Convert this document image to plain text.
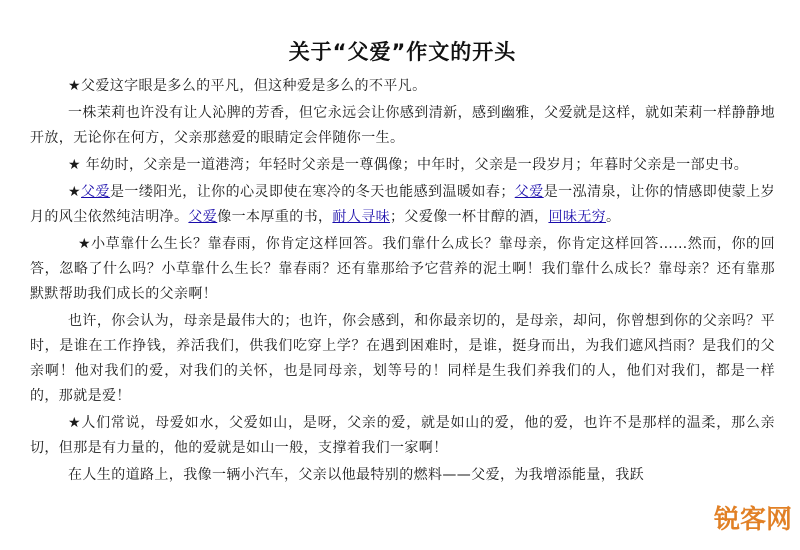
关于“父爱”作文的开头

★父爱这字眼是多么的平凡，但这种爱是多么的不平凡。

一株茉莉也许没有让人沁脾的芳香，但它永远会让你感到清新，感到幽雅，父爱就是这样，就如茉莉一样静静地开放，无论你在何方，父亲那慈爱的眼睛定会伴随你一生。

★ 年幼时，父亲是一道港湾；年轻时父亲是一尊偶像；中年时，父亲是一段岁月；年暮时父亲是一部史书。

★父爱是一缕阳光，让你的心灵即使在寒冷的冬天也能感到温暖如春；父爱是一泓清泉，让你的情感即使蒙上岁月的风尘依然纯洁明净。父爱像一本厚重的书，耐人寻味；父爱像一杯甘醇的酒，回味无穷。

★小草靠什么生长？靠春雨，你肯定这样回答。我们靠什么成长？靠母亲，你肯定这样回答……然而，你的回答，忽略了什么吗？小草靠什么生长？靠春雨？还有靠那给予它营养的泥土啊！我们靠什么成长？靠母亲？还有靠那默默帮助我们成长的父亲啊！

也许，你会认为，母亲是最伟大的；也许，你会感到，和你最亲切的，是母亲，却问，你曾想到你的父亲吗？平时，是谁在工作挣钱，养活我们，供我们吃穿上学？在遇到困难时，是谁，挺身而出，为我们遮风挡雨？是我们的父亲啊！他对我们的爱，对我们的关怀，也是同母亲，划等号的！同样是生我们养我们的人，他们对我们，都是一样的，那就是爱！

★人们常说，母爱如水，父爱如山，是呀，父亲的爱，就是如山的爱，他的爱，也许不是那样的温柔，那么亲切，但那是有力量的，他的爱就是如山一般，支撑着我们一家啊！

在人生的道路上，我像一辆小汽车，父亲以他最特别的燃料——父爱，为我增添能量，我跃

锐客网
